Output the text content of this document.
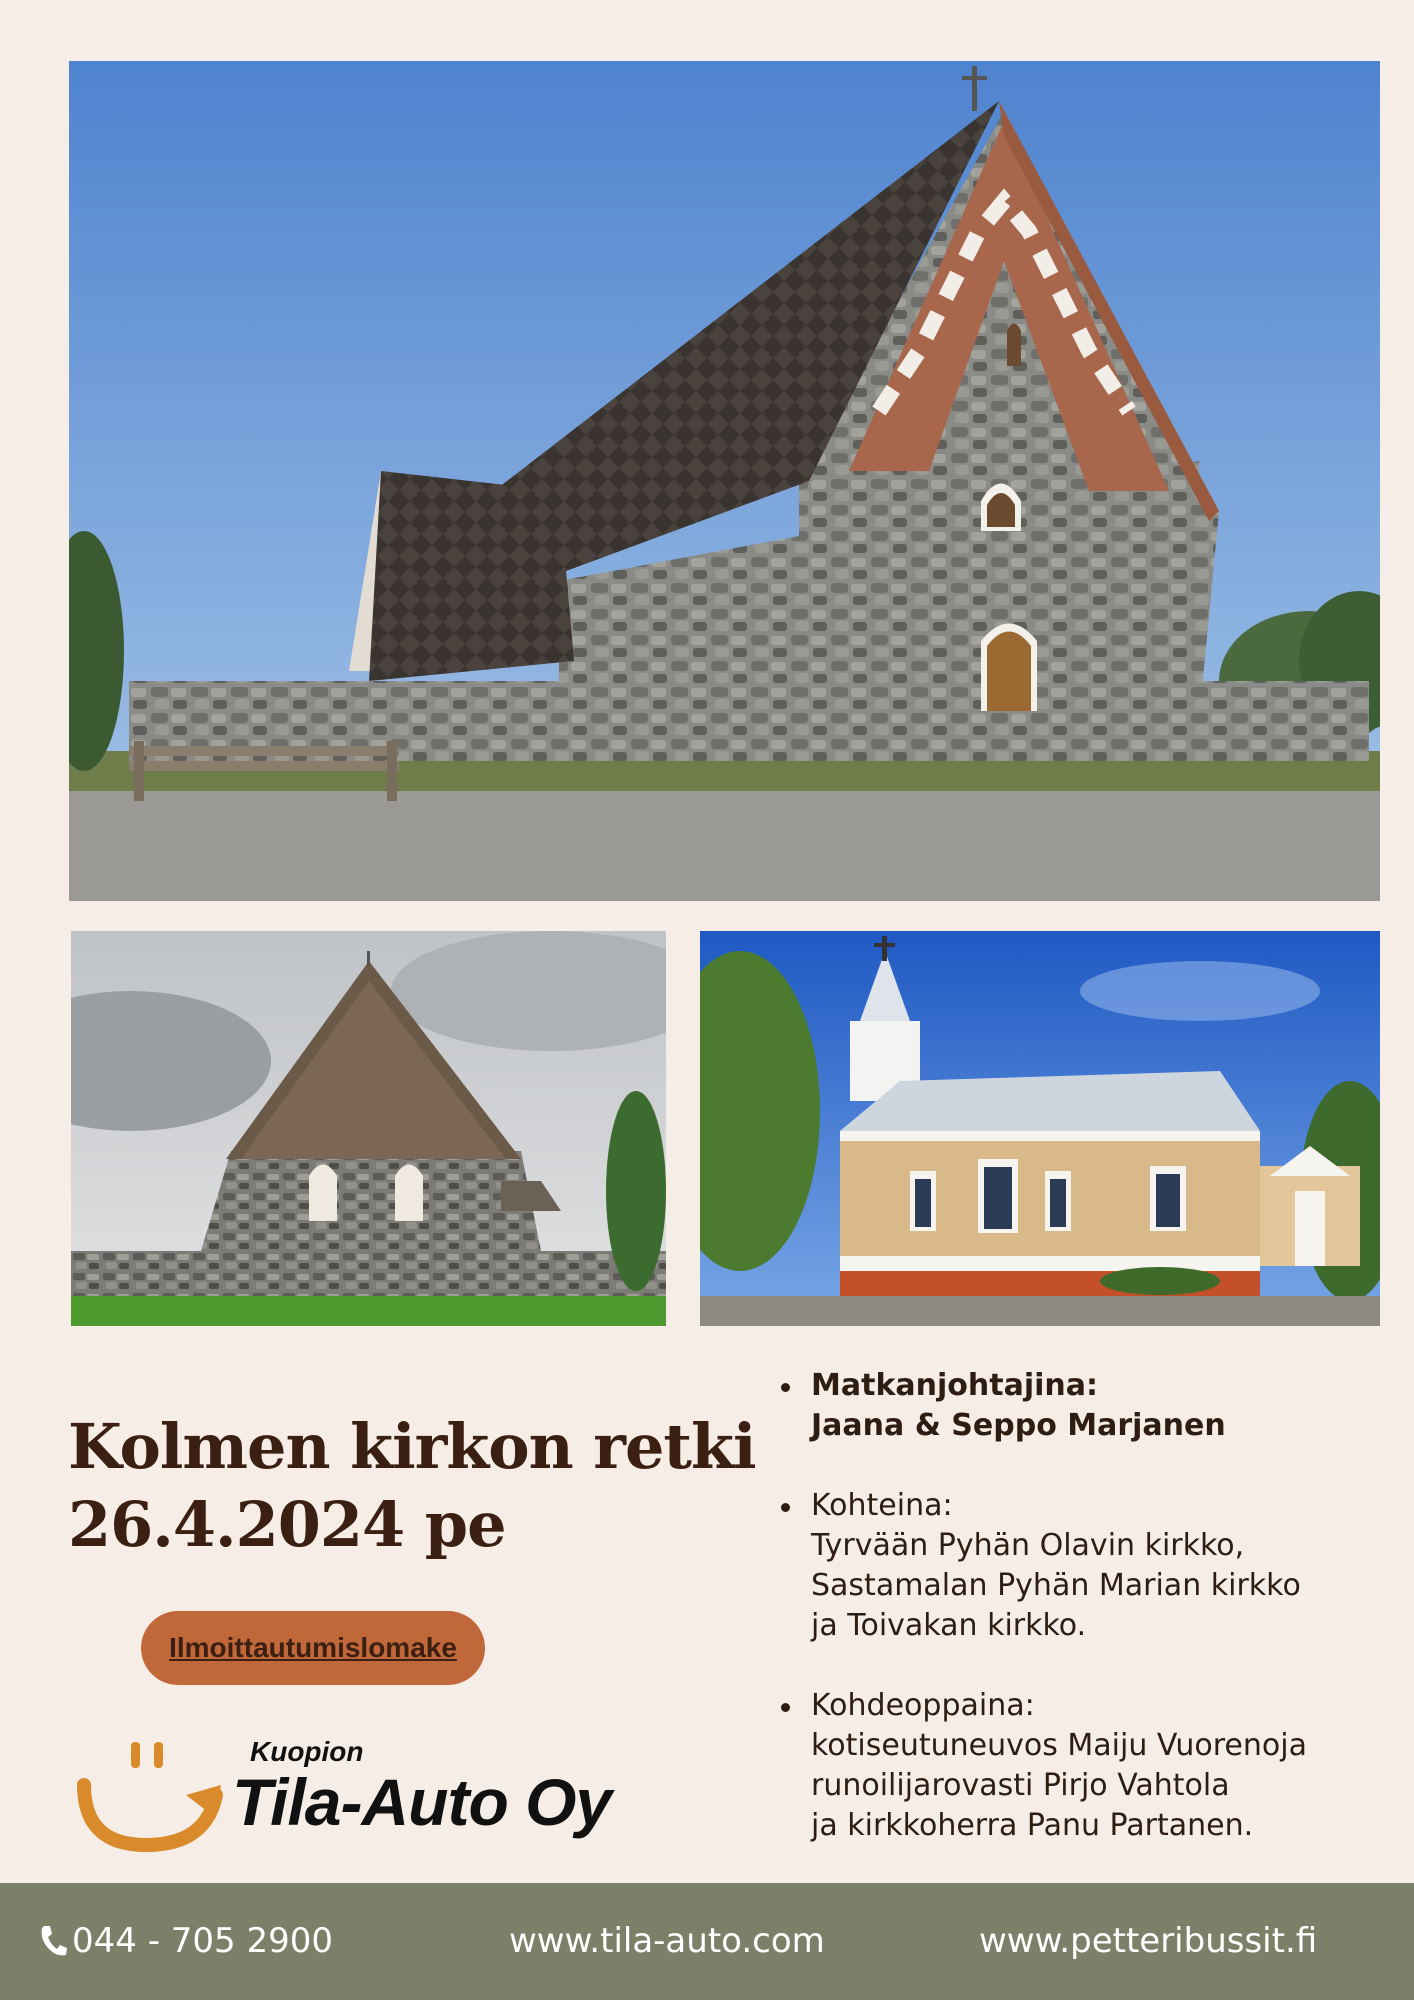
Kolmen kirkon retki
26.4.2024 pe
Ilmoittautumislomake
Kuopion
Tila-Auto Oy
Matkanjohtajina:
Jaana & Seppo Marjanen
Kohteina:
Tyrvään Pyhän Olavin kirkko,
Sastamalan Pyhän Marian kirkko
ja Toivakan kirkko.
Kohdeoppaina:
kotiseutuneuvos Maiju Vuorenoja
runoilijarovasti Pirjo Vahtola
ja kirkkoherra Panu Partanen.
044 - 705 2900	www.tila-auto.com	www.petteribussit.fi
